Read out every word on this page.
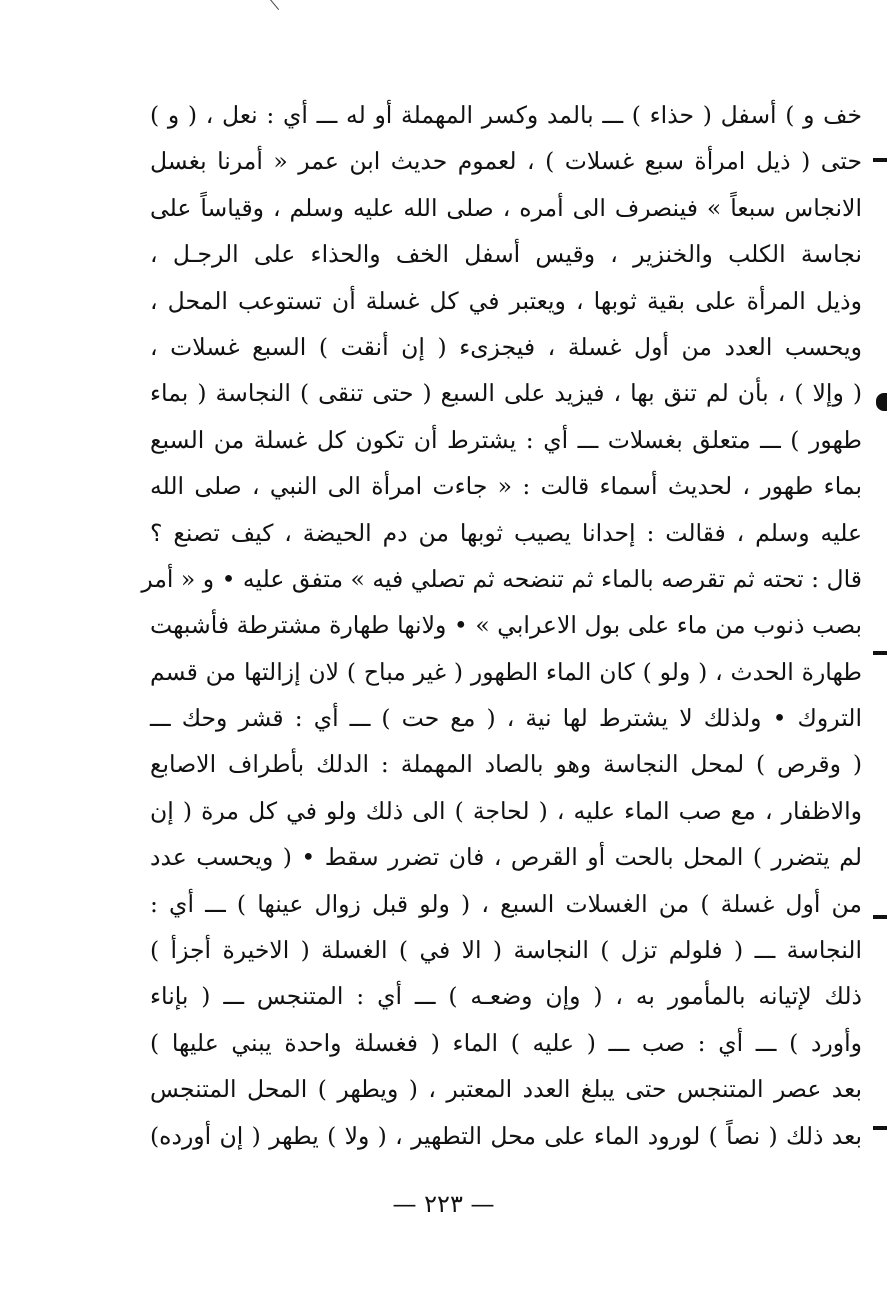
خف و ) أسفل ( حذاء ) ـــ بالمد وكسر المهملة أو له ـــ أي : نعل ، ( و )
حتى ( ذيل امرأة سبع غسلات ) ، لعموم حديث ابن عمر « أمرنا بغسل
الانجاس سبعاً » فينصرف الى أمره ، صلى الله عليه وسلم ، وقياساً على
نجاسة الكلب والخنزير ، وقيس أسفل الخف والحذاء على الرجـل ،
وذيل المرأة على بقية ثوبها ، ويعتبر في كل غسلة أن تستوعب المحل ،
ويحسب العدد من أول غسلة ، فيجزىء ( إن أنقت ) السبع غسلات ،
( وإلا ) ، بأن لم تنق بها ، فيزيد على السبع ( حتى تنقى ) النجاسة ( بماء
طهور ) ـــ متعلق بغسلات ـــ أي : يشترط أن تكون كل غسلة من السبع
بماء طهور ، لحديث أسماء قالت : « جاءت امرأة الى النبي ، صلى الله
عليه وسلم ، فقالت : إحدانا يصيب ثوبها من دم الحيضة ، كيف تصنع ؟
قال : تحته ثم تقرصه بالماء ثم تنضحه ثم تصلي فيه » متفق عليه • و « أمر
بصب ذنوب من ماء على بول الاعرابي » • ولانها طهارة مشترطة فأشبهت
طهارة الحدث ، ( ولو ) كان الماء الطهور ( غير مباح ) لان إزالتها من قسم
التروك • ولذلك لا يشترط لها نية ، ( مع حت ) ـــ أي : قشر وحك ـــ
( وقرص ) لمحل النجاسة وهو بالصاد المهملة : الدلك بأطراف الاصابع
والاظفار ، مع صب الماء عليه ، ( لحاجة ) الى ذلك ولو في كل مرة ( إن
لم يتضرر ) المحل بالحت أو القرص ، فان تضرر سقط • ( ويحسب عدد
من أول غسلة ) من الغسلات السبع ، ( ولو قبل زوال عينها ) ـــ أي :
النجاسة ـــ ( فلولم تزل ) النجاسة ( الا في ) الغسلة ( الاخيرة أجزأ )
ذلك لإتيانه بالمأمور به ، ( وإن وضعـه ) ـــ أي : المتنجس ـــ ( بإناء
وأورد ) ـــ أي : صب ـــ ( عليه ) الماء ( فغسلة واحدة يبني عليها )
بعد عصر المتنجس حتى يبلغ العدد المعتبر ، ( ويطهر ) المحل المتنجس
بعد ذلك ( نصاً ) لورود الماء على محل التطهير ، ( ولا ) يطهر ( إن أورده)
— ٢٢٣ —
